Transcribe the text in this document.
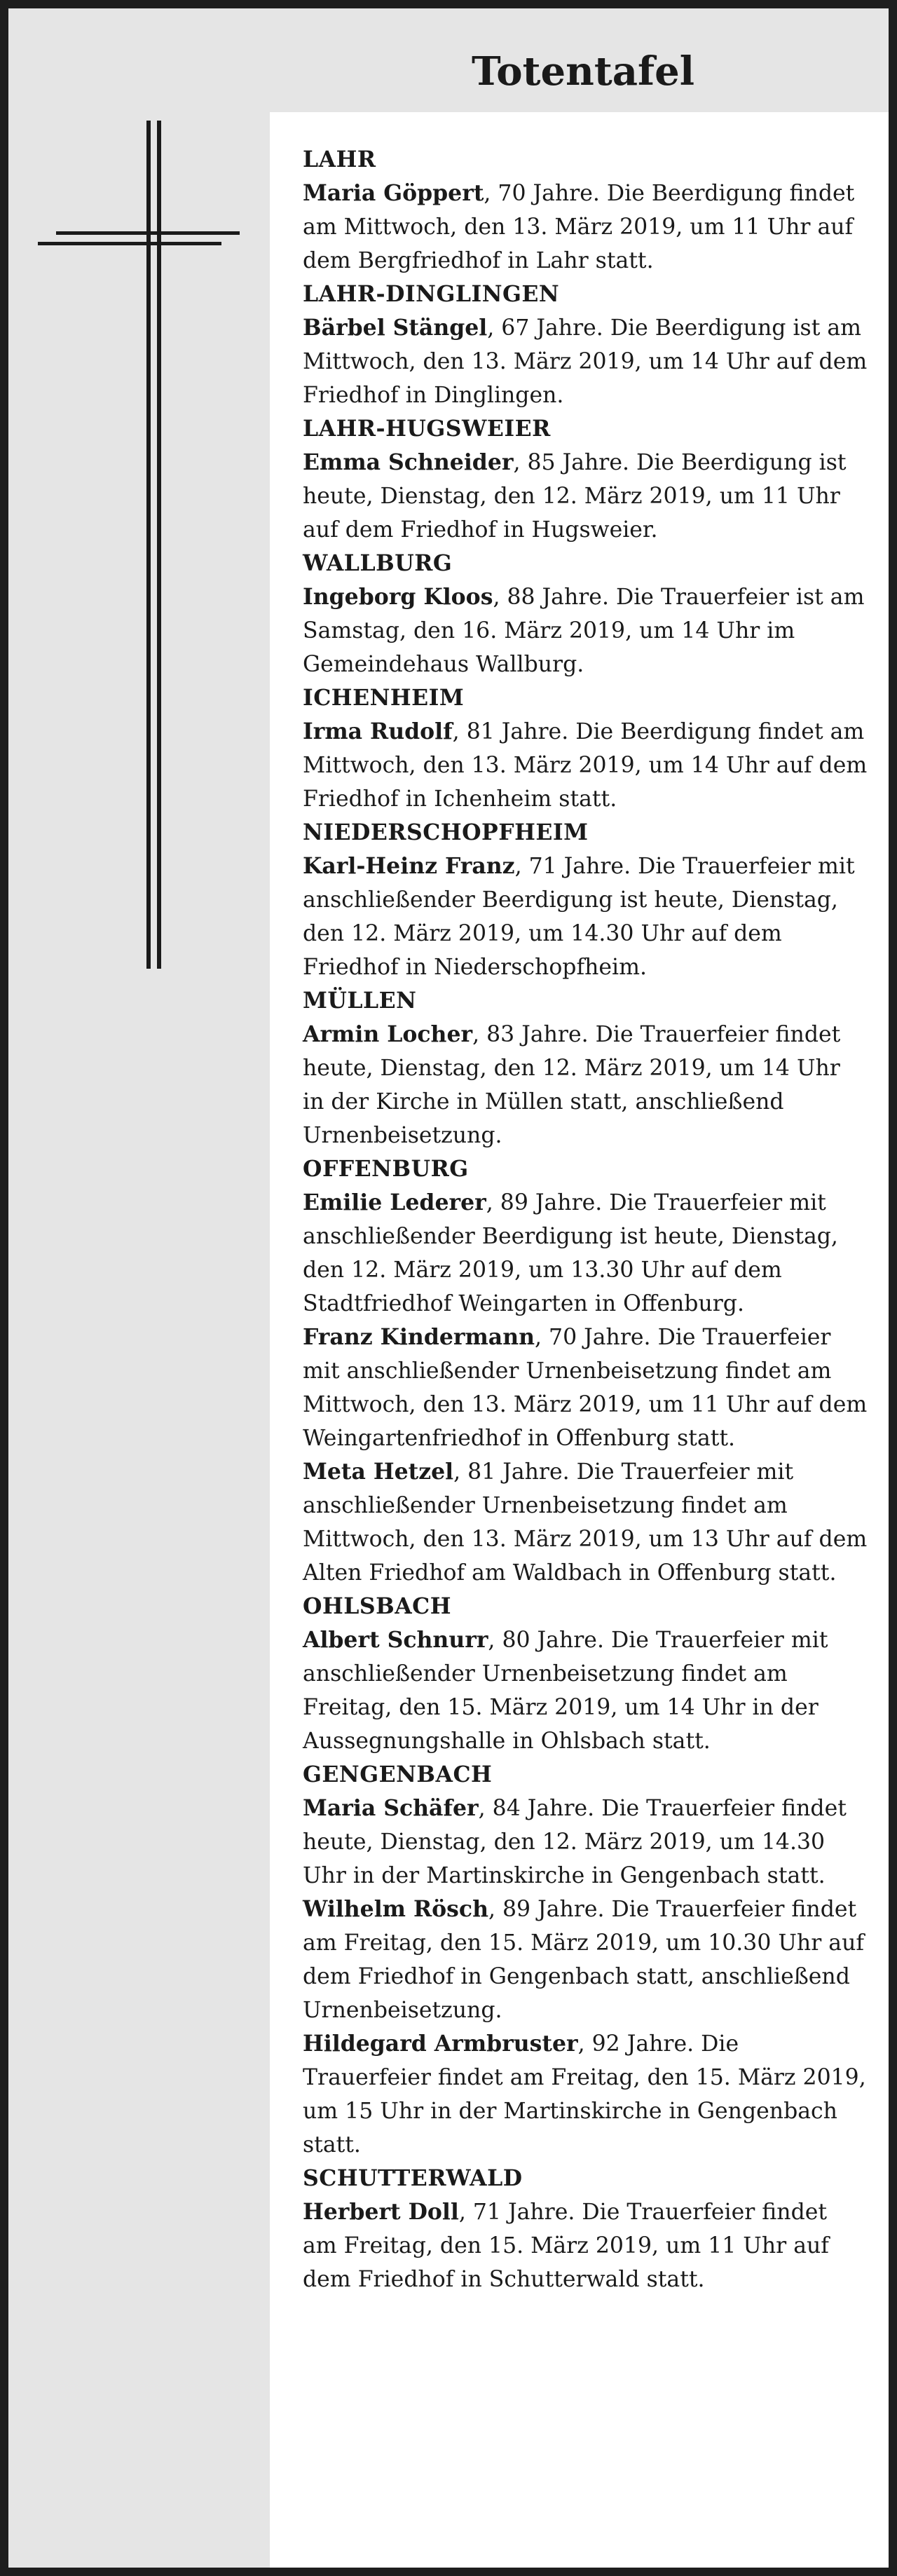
Totentafel
LAHR

Maria Göppert, 70 Jahre. Die Beerdigung findet am Mittwoch, den 13. März 2019, um 11 Uhr auf dem Bergfriedhof in Lahr statt.

LAHR-DINGLINGEN

Bärbel Stängel, 67 Jahre. Die Beerdigung ist am Mittwoch, den 13. März 2019, um 14 Uhr auf dem Friedhof in Dinglingen.

LAHR-HUGSWEIER

Emma Schneider, 85 Jahre. Die Beerdigung ist heute, Dienstag, den 12. März 2019, um 11 Uhr auf dem Friedhof in Hugsweier.

WALLBURG

Ingeborg Kloos, 88 Jahre. Die Trauerfeier ist am Samstag, den 16. März 2019, um 14 Uhr im Gemeindehaus Wallburg.

ICHENHEIM

Irma Rudolf, 81 Jahre. Die Beerdigung findet am Mittwoch, den 13. März 2019, um 14 Uhr auf dem Friedhof in Ichenheim statt.

NIEDERSCHOPFHEIM

Karl-Heinz Franz, 71 Jahre. Die Trauerfeier mit anschließender Beerdigung ist heute, Dienstag, den 12. März 2019, um 14.30 Uhr auf dem Friedhof in Niederschopfheim.

MÜLLEN

Armin Locher, 83 Jahre. Die Trauerfeier findet heute, Dienstag, den 12. März 2019, um 14 Uhr in der Kirche in Müllen statt, anschließend Urnenbeisetzung.

OFFENBURG

Emilie Lederer, 89 Jahre. Die Trauerfeier mit anschließender Beerdigung ist heute, Dienstag, den 12. März 2019, um 13.30 Uhr auf dem Stadtfriedhof Weingarten in Offenburg.

Franz Kindermann, 70 Jahre. Die Trauerfeier mit anschließender Urnenbeisetzung findet am Mittwoch, den 13. März 2019, um 11 Uhr auf dem Weingartenfriedhof in Offenburg statt.

Meta Hetzel, 81 Jahre. Die Trauerfeier mit anschließender Urnenbeisetzung findet am Mittwoch, den 13. März 2019, um 13 Uhr auf dem Alten Friedhof am Waldbach in Offenburg statt.

OHLSBACH

Albert Schnurr, 80 Jahre. Die Trauerfeier mit anschließender Urnenbeisetzung findet am Freitag, den 15. März 2019, um 14 Uhr in der Aussegnungshalle in Ohlsbach statt.

GENGENBACH

Maria Schäfer, 84 Jahre. Die Trauerfeier findet heute, Dienstag, den 12. März 2019, um 14.30 Uhr in der Martinskirche in Gengenbach statt.

Wilhelm Rösch, 89 Jahre. Die Trauerfeier findet am Freitag, den 15. März 2019, um 10.30 Uhr auf dem Friedhof in Gengenbach statt, anschließend Urnenbeisetzung.

Hildegard Armbruster, 92 Jahre. Die Trauerfeier findet am Freitag, den 15. März 2019, um 15 Uhr in der Martinskirche in Gengenbach statt.

SCHUTTERWALD

Herbert Doll, 71 Jahre. Die Trauerfeier findet am Freitag, den 15. März 2019, um 11 Uhr auf dem Friedhof in Schutterwald statt.
